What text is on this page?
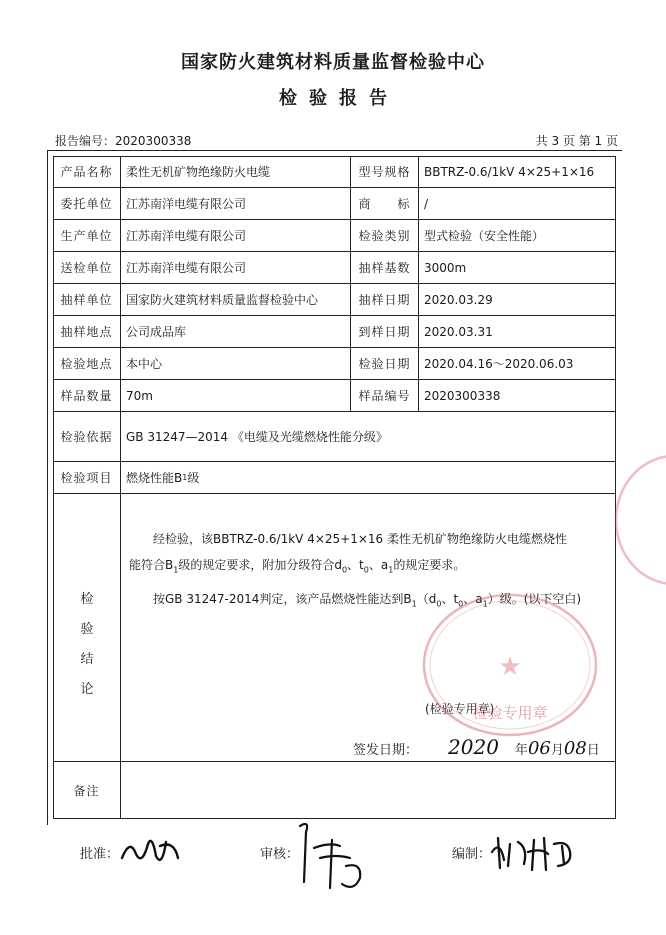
国家防火建筑材料质量监督检验中心
检验报告
报告编号：2020300338	共 3 页 第 1 页
产品名称	柔性无机矿物绝缘防火电缆	型号规格	BBTRZ-0.6/1kV 4×25+1×16
委托单位	江苏南洋电缆有限公司	商　　标	/
生产单位	江苏南洋电缆有限公司	检验类别	型式检验（安全性能）
送检单位	江苏南洋电缆有限公司	抽样基数	3000m
抽样单位	国家防火建筑材料质量监督检验中心	抽样日期	2020.03.29
抽样地点	公司成品库	到样日期	2020.03.31
检验地点	本中心	检验日期	2020.04.16～2020.06.03
样品数量	70m	样品编号	2020300338
检验依据	GB 31247—2014 《电缆及光缆燃烧性能分级》
检验项目	燃烧性能B 1 级
检
验
结
论
经检验，该BBTRZ-0.6/1kV 4×25+1×16 柔性无机矿物绝缘防火电缆燃烧性
能符合$B_1$级的规定要求，附加分级符合$d_0$、$t_0$、$a_1$的规定要求。
按GB 31247-2014判定，该产品燃烧性能达到$B_1(d_0$、$t_0$、$a_1$）级。(以下空白)
(检验专用章)
签发日期： 2020 年06月08日
备注
检验专用章
★
批准：	审核：	编制：
